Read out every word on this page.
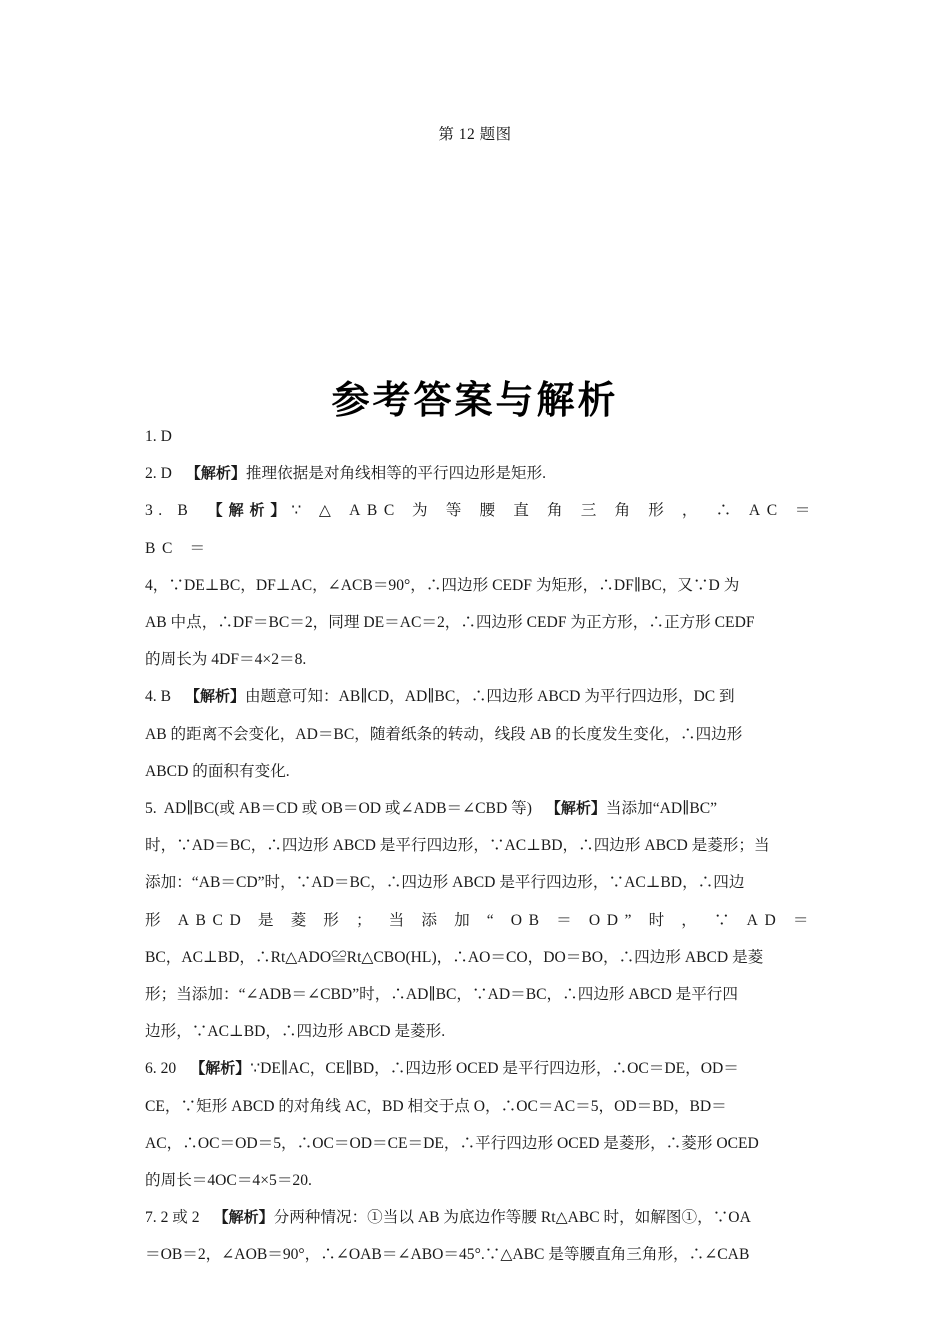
第 12 题图
参考答案与解析

1. D

2. D 【解析】推理依据是对角线相等的平行四边形是矩形.

3. B 【解析】∵ △ ABC 为 等 腰 直 角 三 角 形 ， ∴ AC ＝ BC ＝
4，∵DE⊥BC，DF⊥AC，∠ACB＝90°，∴四边形 CEDF 为矩形，∴DF∥BC，又∵D 为
AB 中点，∴DF＝BC＝2，同理 DE＝AC＝2，∴四边形 CEDF 为正方形，∴正方形 CEDF
的周长为 4DF＝4×2＝8.

4. B 【解析】由题意可知：AB∥CD，AD∥BC，∴四边形 ABCD 为平行四边形，DC 到
AB 的距离不会变化，AD＝BC，随着纸条的转动，线段 AB 的长度发生变化，∴四边形
ABCD 的面积有变化.

5. AD∥BC(或 AB＝CD 或 OB＝OD 或∠ADB＝∠CBD 等) 【解析】当添加“AD∥BC”
时，∵AD＝BC，∴四边形 ABCD 是平行四边形，∵AC⊥BD，∴四边形 ABCD 是菱形；当
添加：“AB＝CD”时，∵AD＝BC，∴四边形 ABCD 是平行四边形，∵AC⊥BD，∴四边
形 ABCD 是 菱 形 ； 当 添 加 “ OB ＝ OD” 时 ， ∵ AD ＝
BC，AC⊥BD，∴Rt△ADO≌Rt△CBO(HL)，∴AO＝CO，DO＝BO，∴四边形 ABCD 是菱
形；当添加：“∠ADB＝∠CBD”时，∴AD∥BC，∵AD＝BC，∴四边形 ABCD 是平行四
边形，∵AC⊥BD，∴四边形 ABCD 是菱形.

6. 20 【解析】∵DE∥AC，CE∥BD，∴四边形 OCED 是平行四边形，∴OC＝DE，OD＝
CE，∵矩形 ABCD 的对角线 AC，BD 相交于点 O，∴OC＝AC＝5，OD＝BD，BD＝
AC，∴OC＝OD＝5，∴OC＝OD＝CE＝DE，∴平行四边形 OCED 是菱形，∴菱形 OCED
的周长＝4OC＝4×5＝20.

7. 2 或 2 【解析】分两种情况：①当以 AB 为底边作等腰 Rt△ABC 时，如解图①，∵OA
＝OB＝2，∠AOB＝90°，∴∠OAB＝∠ABO＝45°.∵△ABC 是等腰直角三角形，∴∠CAB
